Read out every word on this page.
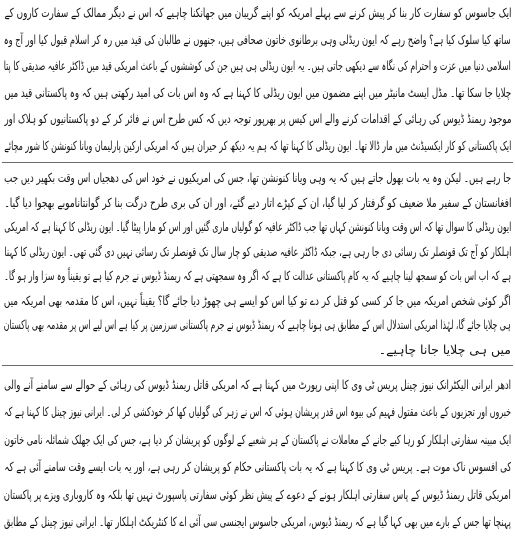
ایک جاسوس کو سفارت کار بنا کر پیش کرنے سے پہلے امریکہ کو اپنے گریبان میں جھانکنا چاہیے کہ اس نے دیگر ممالک کے سفارت کاروں کے
ساتھ کیا سلوک کیا ہے؟ واضح رہے کہ ایون ریڈلی وہی برطانوی خاتون صحافی ہیں، جنھوں نے طالبان کی قید میں رہ کر اسلام قبول کیا اور آج وہ
اسلامی دنیا میں عزت و احترام کی نگاہ سے دیکھی جاتی ہیں۔ یہ ایون ریڈلی ہی ہیں جن کی کوششوں کے باعث امریکی قید میں ڈاکٹر عافیہ صدیقی کا پتا
چلایا جا سکا تھا۔ مڈل ایسٹ مانیٹر میں اپنے مضمون میں ایون ریڈلی کا کہنا ہے کہ وہ اس بات کی امید رکھتی ہیں کہ وہ پاکستانی قید میں
موجود ریمنڈ ڈیوس کی رہائی کے اقدامات کرنے والے اس کیس پر بھرپور توجہ دیں کہ کس طرح اس نے فائر کر کے دو پاکستانیوں کو ہلاک اور
ایک پاکستانی کو کار ایکسیڈنٹ میں مار ڈالا تھا۔ ایون ریڈلی کا کہنا تھا کہ ہم یہ دیکھ کر حیران ہیں کہ امریکی ارکین پارلیمان ویانا کنونشن کا شور مچائے
جا رہے ہیں۔ لیکن وہ یہ بات بھول جاتے ہیں کہ یہ وہی ویانا کنونشن تھا، جس کی امریکیوں نے خود اس کی دھجیاں اس وقت بکھیر دیں جب
افغانستان کے سفیر ملا ضعیف کو گرفتار کر لیا گیا، ان کے کپڑے اتار دیے گئے، اور ان کی بری طرح درگت بنا کر گوانتاناموبے بھجوا دیا گیا۔
ایون ریڈلی کا سوال تھا کہ اس وقت ویانا کنونشن کہاں تھا جب ڈاکٹر عافیہ کو گولیاں ماری گئیں اور اس کو مارا پیٹا گیا۔ ایون ریڈلی کا کہنا ہے کہ امریکی
اہلکار کو آج تک قونصلر تک رسائی دی جا رہی ہے، جبکہ ڈاکٹر عافیہ صدیقی کو چار سال تک قونصلر تک رسائی نہیں دی گئی تھی۔ ایون ریڈلی کا کہنا
ہے کہ اب اس بات کو سمجھ لینا چاہیے کہ یہ کام پاکستانی عدالت کا ہے کہ اگر وہ سمجھتی ہے کہ ریمنڈ ڈیوس نے جرم کیا ہے تو یقیناً وہ سزا وار ہو گا۔
اگر کوئی شخص امریکہ میں جا کر کسی کو قتل کر دے تو کیا اس کو ایسے ہی چھوڑ دیا جائے گا؟ یقیناً نہیں، اس کا مقدمہ بھی امریکہ میں
ہی چلایا جائے گا، لہٰذا امریکی استدلال اس کے مطابق ہی ہونا چاہیے کہ ریمنڈ ڈیوس نے جرم پاکستانی سرزمین پر کیا ہے اس لیے اس پر مقدمہ بھی پاکستان
میں ہی چلایا جانا چاہیے۔
ادھر ایرانی الیکٹرانک نیوز چینل پریس ٹی وی کا اپنی رپورٹ میں کہنا ہے کہ امریکی قاتل ریمنڈ ڈیوس کی رہائی کے حوالے سے سامنے آنے والی
خبروں اور تجزیوں کے باعث مقتول فہیم کی بیوہ اس قدر پریشان ہوئی کہ اس نے زہر کی گولیاں کھا کر خودکشی کر لی۔ ایرانی نیوز چینل کا کہنا ہے کہ
ایک مبینہ سفارتی اہلکار کو رہا کیے جانے کے معاملات نے پاکستان کے ہر شعبے کے لوگوں کو پریشان کر دیا ہے، جس کی ایک جھلک شمائلہ نامی خاتون
کی افسوس ناک موت ہے۔ پریس ٹی وی کا کہنا ہے کہ یہ بات پاکستانی حکام کو پریشان کر رہی ہے، اور یہ بات ایسے وقت سامنے آئی ہے کہ
امریکی قاتل ریمنڈ ڈیوس کے پاس سفارتی اہلکار ہونے کے دعوے کے پیش نظر کوئی سفارتی پاسپورٹ نہیں تھا بلکہ وہ کاروباری ویزے پر پاکستان
پہنچا تھا جس کے بارے میں بھی کہا گیا ہے کہ ریمنڈ ڈیوس، امریکی جاسوس ایجنسی سی آئی اے کا کنٹریکٹ اہلکار تھا۔ ایرانی نیوز چینل کے مطابق
